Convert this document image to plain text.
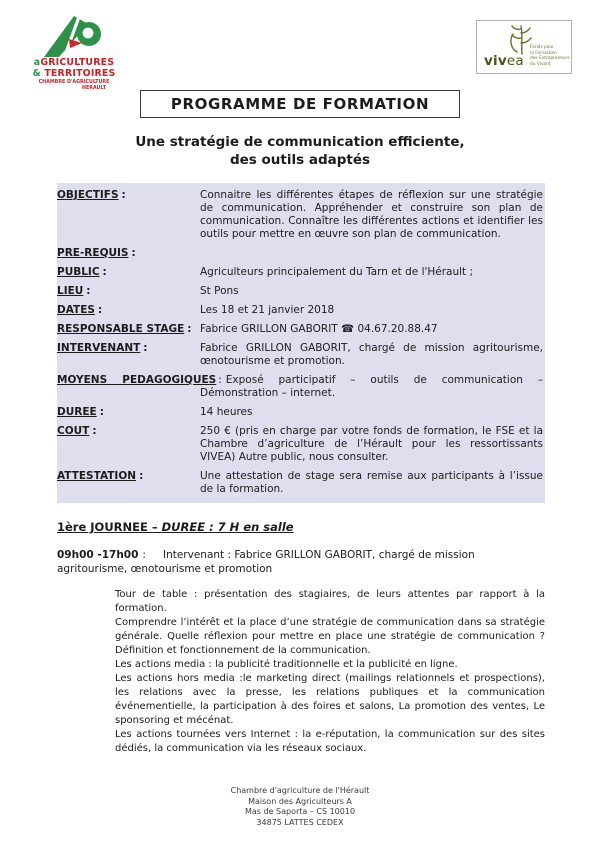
aGRICULTURES
& TERRITOIRES
CHAMBRE D'AGRICULTURE
HERAULT
vivea
Fonds pour
la Formation
des Entrepreneurs
du Vivant
PROGRAMME DE FORMATION
Une stratégie de communication efficiente,
des outils adaptés
OBJECTIFS :	Connaitre les différentes étapes de réflexion sur une stratégie de communication. Appréhender et construire son plan de communication. Connaître les différentes actions et identifier les outils pour mettre en œuvre son plan de communication.
PRE-REQUIS :
PUBLIC :	Agriculteurs principalement du Tarn et de l'Hérault ;
LIEU :	St Pons
DATES :	Les 18 et 21 janvier 2018
RESPONSABLE STAGE : Fabrice GRILLON GABORIT ☎ 04.67.20.88.47
INTERVENANT :	Fabrice GRILLON GABORIT, chargé de mission agritourisme, œnotourisme et promotion.
MOYENS PEDAGOGIQUES : Exposé participatif – outils de communication – Démonstration – internet.
DUREE :	14 heures
COUT :	250 € (pris en charge par votre fonds de formation, le FSE et la Chambre d’agriculture de l’Hérault pour les ressortissants VIVEA) Autre public, nous consulter.
ATTESTATION :	Une attestation de stage sera remise aux participants à l’issue de la formation.
1ère JOURNEE – DUREE : 7 H en salle

09h00 -17h00 : Intervenant : Fabrice GRILLON GABORIT, chargé de mission agritourisme, œnotourisme et promotion

Tour de table : présentation des stagiaires, de leurs attentes par rapport à la formation.

Comprendre l’intérêt et la place d’une stratégie de communication dans sa stratégie générale. Quelle réflexion pour mettre en place une stratégie de communication ? Définition et fonctionnement de la communication.

Les actions media : la publicité traditionnelle et la publicité en ligne.

Les actions hors media :le marketing direct (mailings relationnels et prospections), les relations avec la presse, les relations publiques et la communication événementielle, la participation à des foires et salons, La promotion des ventes, Le sponsoring et mécénat.

Les actions tournées vers Internet : la e-réputation, la communication sur des sites dédiés, la communication via les réseaux sociaux.

Chambre d'agriculture de l'Hérault
Maison des Agriculteurs A
Mas de Saporta – CS 10010
34875 LATTES CEDEX
